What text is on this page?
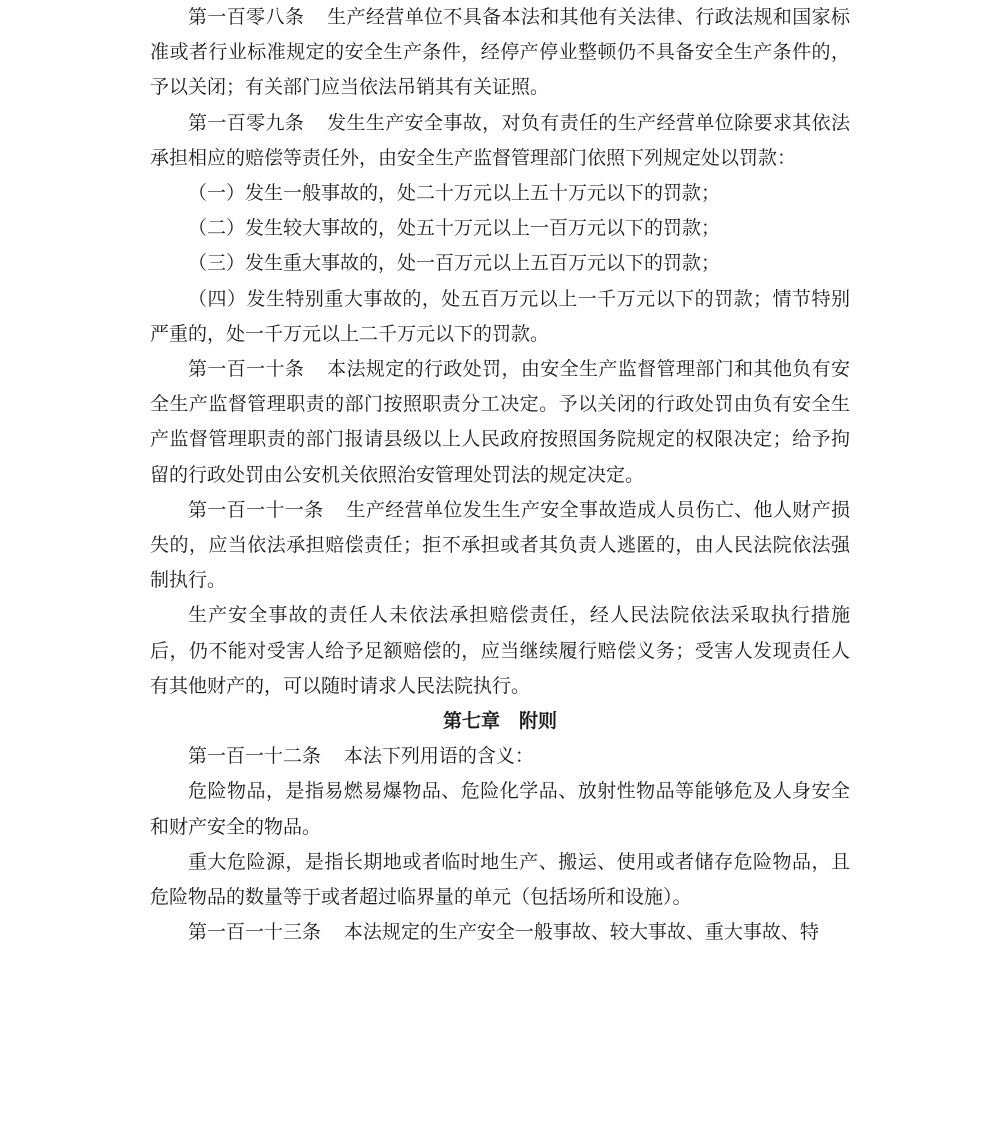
第一百零八条 生产经营单位不具备本法和其他有关法律、行政法规和国家标准或者行业标准规定的安全生产条件，经停产停业整顿仍不具备安全生产条件的，予以关闭；有关部门应当依法吊销其有关证照。

第一百零九条 发生生产安全事故，对负有责任的生产经营单位除要求其依法承担相应的赔偿等责任外，由安全生产监督管理部门依照下列规定处以罚款：

（一）发生一般事故的，处二十万元以上五十万元以下的罚款；

（二）发生较大事故的，处五十万元以上一百万元以下的罚款；

（三）发生重大事故的，处一百万元以上五百万元以下的罚款；

（四）发生特别重大事故的，处五百万元以上一千万元以下的罚款；情节特别严重的，处一千万元以上二千万元以下的罚款。

第一百一十条 本法规定的行政处罚，由安全生产监督管理部门和其他负有安全生产监督管理职责的部门按照职责分工决定。予以关闭的行政处罚由负有安全生产监督管理职责的部门报请县级以上人民政府按照国务院规定的权限决定；给予拘留的行政处罚由公安机关依照治安管理处罚法的规定决定。

第一百一十一条 生产经营单位发生生产安全事故造成人员伤亡、他人财产损失的，应当依法承担赔偿责任；拒不承担或者其负责人逃匿的，由人民法院依法强制执行。

生产安全事故的责任人未依法承担赔偿责任，经人民法院依法采取执行措施后，仍不能对受害人给予足额赔偿的，应当继续履行赔偿义务；受害人发现责任人有其他财产的，可以随时请求人民法院执行。

第七章　附则

第一百一十二条 本法下列用语的含义：

危险物品，是指易燃易爆物品、危险化学品、放射性物品等能够危及人身安全和财产安全的物品。

重大危险源，是指长期地或者临时地生产、搬运、使用或者储存危险物品，且危险物品的数量等于或者超过临界量的单元（包括场所和设施）。

第一百一十三条 本法规定的生产安全一般事故、较大事故、重大事故、特
